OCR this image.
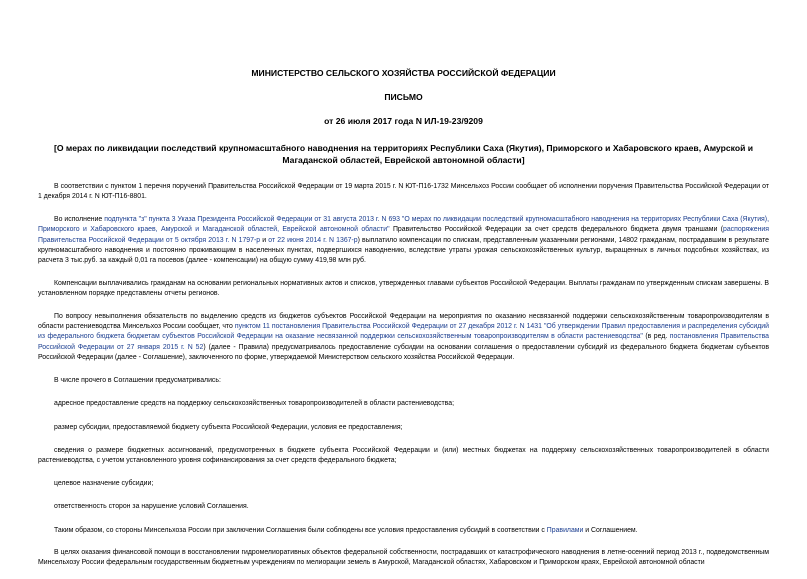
МИНИСТЕРСТВО СЕЛЬСКОГО ХОЗЯЙСТВА РОССИЙСКОЙ ФЕДЕРАЦИИ
ПИСЬМО
от 26 июля 2017 года N ИЛ-19-23/9209
[О мерах по ликвидации последствий крупномасштабного наводнения на территориях Республики Саха (Якутия), Приморского и Хабаровского краев, Амурской и Магаданской областей, Еврейской автономной области]

В соответствии с пунктом 1 перечня поручений Правительства Российской Федерации от 19 марта 2015 г. N ЮТ-П16-1732 Минсельхоз России сообщает об исполнении поручения Правительства Российской Федерации от 1 декабря 2014 г. N ЮТ-П16-8801.

Во исполнение подпункта "з" пункта 3 Указа Президента Российской Федерации от 31 августа 2013 г. N 693 "О мерах по ликвидации последствий крупномасштабного наводнения на территориях Республики Саха (Якутия), Приморского и Хабаровского краев, Амурской и Магаданской областей, Еврейской автономной области" Правительство Российской Федерации за счет средств федерального бюджета двумя траншами (распоряжения Правительства Российской Федерации от 5 октября 2013 г. N 1797-р и от 22 июня 2014 г. N 1367-р) выплатило компенсации по спискам, представленным указанными регионами, 14802 гражданам, пострадавшим в результате крупномасштабного наводнения и постоянно проживающим в населенных пунктах, подвергшихся наводнению, вследствие утраты урожая сельскохозяйственных культур, выращенных в личных подсобных хозяйствах, из расчета 3 тыс.руб. за каждый 0,01 га посевов (далее - компенсации) на общую сумму 419,98 млн руб.

Компенсации выплачивались гражданам на основании региональных нормативных актов и списков, утвержденных главами субъектов Российской Федерации. Выплаты гражданам по утвержденным спискам завершены. В установленном порядке представлены отчеты регионов.

По вопросу невыполнения обязательств по выделению средств из бюджетов субъектов Российской Федерации на мероприятия по оказанию несвязанной поддержки сельскохозяйственным товаропроизводителям в области растениеводства Минсельхоз России сообщает, что пунктом 11 постановления Правительства Российской Федерации от 27 декабря 2012 г. N 1431 "Об утверждении Правил предоставления и распределения субсидий из федерального бюджета бюджетам субъектов Российской Федерации на оказание несвязанной поддержки сельскохозяйственным товаропроизводителям в области растениеводства" (в ред. постановления Правительства Российской Федерации от 27 января 2015 г. N 52) (далее - Правила) предусматривалось предоставление субсидии на основании соглашения о предоставлении субсидий из федерального бюджета бюджетам субъектов Российской Федерации (далее - Соглашение), заключенного по форме, утверждаемой Министерством сельского хозяйства Российской Федерации.

В числе прочего в Соглашении предусматривались:

адресное предоставление средств на поддержку сельскохозяйственных товаропроизводителей в области растениеводства;

размер субсидии, предоставляемой бюджету субъекта Российской Федерации, условия ее предоставления;

сведения о размере бюджетных ассигнований, предусмотренных в бюджете субъекта Российской Федерации и (или) местных бюджетах на поддержку сельскохозяйственных товаропроизводителей в области растениеводства, с учетом установленного уровня софинансирования за счет средств федерального бюджета;

целевое назначение субсидии;

ответственность сторон за нарушение условий Соглашения.

Таким образом, со стороны Минсельхоза России при заключении Соглашения были соблюдены все условия предоставления субсидий в соответствии с Правилами и Соглашением.

В целях оказания финансовой помощи в восстановлении гидромелиоративных объектов федеральной собственности, пострадавших от катастрофического наводнения в летне-осенний период 2013 г., подведомственным Минсельхозу России федеральным государственным бюджетным учреждениям по мелиорации земель в Амурской, Магаданской областях, Хабаровском и Приморском краях, Еврейской автономной области
